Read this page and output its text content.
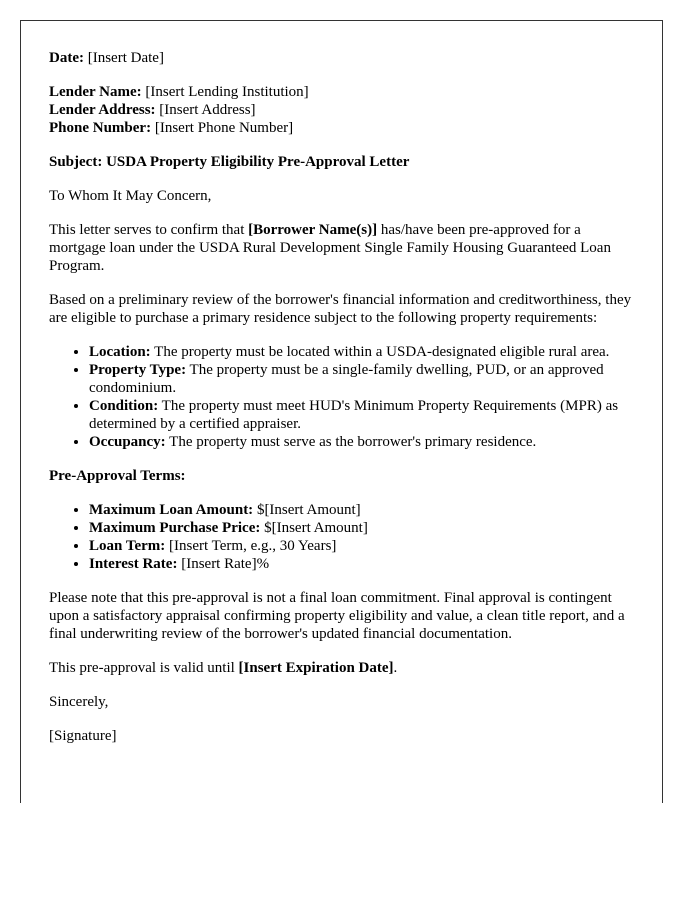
Date: [Insert Date]

Lender Name: [Insert Lending Institution]
Lender Address: [Insert Address]
Phone Number: [Insert Phone Number]

Subject: USDA Property Eligibility Pre-Approval Letter

To Whom It May Concern,

This letter serves to confirm that [Borrower Name(s)] has/have been pre-approved for a mortgage loan under the USDA Rural Development Single Family Housing Guaranteed Loan Program.

Based on a preliminary review of the borrower's financial information and creditworthiness, they are eligible to purchase a primary residence subject to the following property requirements:

• Location: The property must be located within a USDA-designated eligible rural area.
• Property Type: The property must be a single-family dwelling, PUD, or an approved condominium.
• Condition: The property must meet HUD's Minimum Property Requirements (MPR) as determined by a certified appraiser.
• Occupancy: The property must serve as the borrower's primary residence.

Pre-Approval Terms:

• Maximum Loan Amount: $[Insert Amount]
• Maximum Purchase Price: $[Insert Amount]
• Loan Term: [Insert Term, e.g., 30 Years]
• Interest Rate: [Insert Rate]%

Please note that this pre-approval is not a final loan commitment. Final approval is contingent upon a satisfactory appraisal confirming property eligibility and value, a clean title report, and a final underwriting review of the borrower's updated financial documentation.

This pre-approval is valid until [Insert Expiration Date].

Sincerely,

[Signature]
